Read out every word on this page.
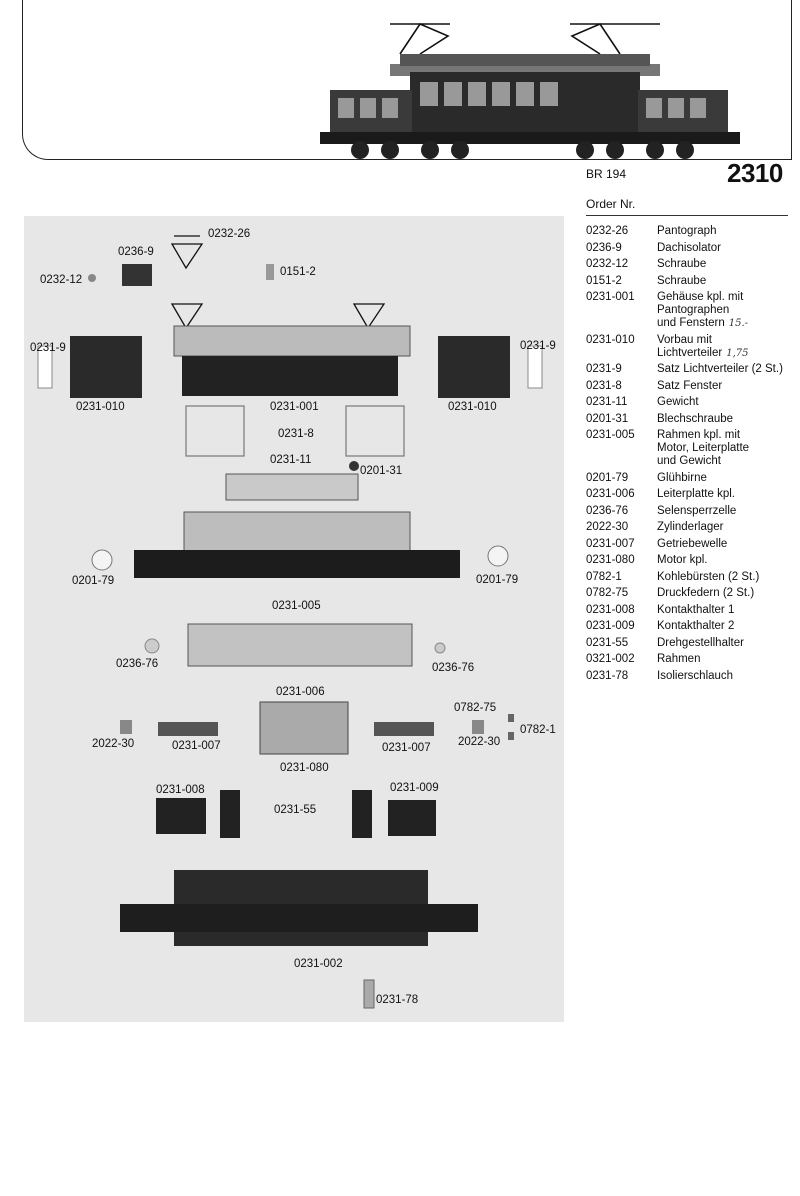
BR 194	2310
Order Nr.
0232-26	Pantograph
0236-9	Dachisolator
0232-12	Schraube
0151-2	Schraube
0231-001	Gehäuse kpl. mit
Pantographen
und Fenstern 15.-
0231-010	Vorbau mit Lichtverteiler 1,75
0231-9	Satz Lichtverteiler (2 St.)
0231-8	Satz Fenster
0231-11	Gewicht
0201-31	Blechschraube
0231-005	Rahmen kpl. mit
Motor, Leiterplatte
und Gewicht
0201-79	Glühbirne
0231-006	Leiterplatte kpl.
0236-76	Selensperrzelle
2022-30	Zylinderlager
0231-007	Getriebewelle
0231-080	Motor kpl.
0782-1	Kohlebürsten (2 St.)
0782-75	Druckfedern (2 St.)
0231-008	Kontakthalter 1
0231-009	Kontakthalter 2
0231-55	Drehgestellhalter
0321-002	Rahmen
0231-78	Isolierschlauch
0232-26
0236-9
0232-12
0151-2
0231-9	0231-9
0231-010	0231-001	0231-010
0231-8
0231-11
0201-31
0201-79	0201-79
0231-005
0236-76	0236-76
0231-006
0782-75
0782-1
2022-30	0231-007
0231-080
0231-007 2022-30
0231-008	0231-009
0231-55
0231-002
0231-78
